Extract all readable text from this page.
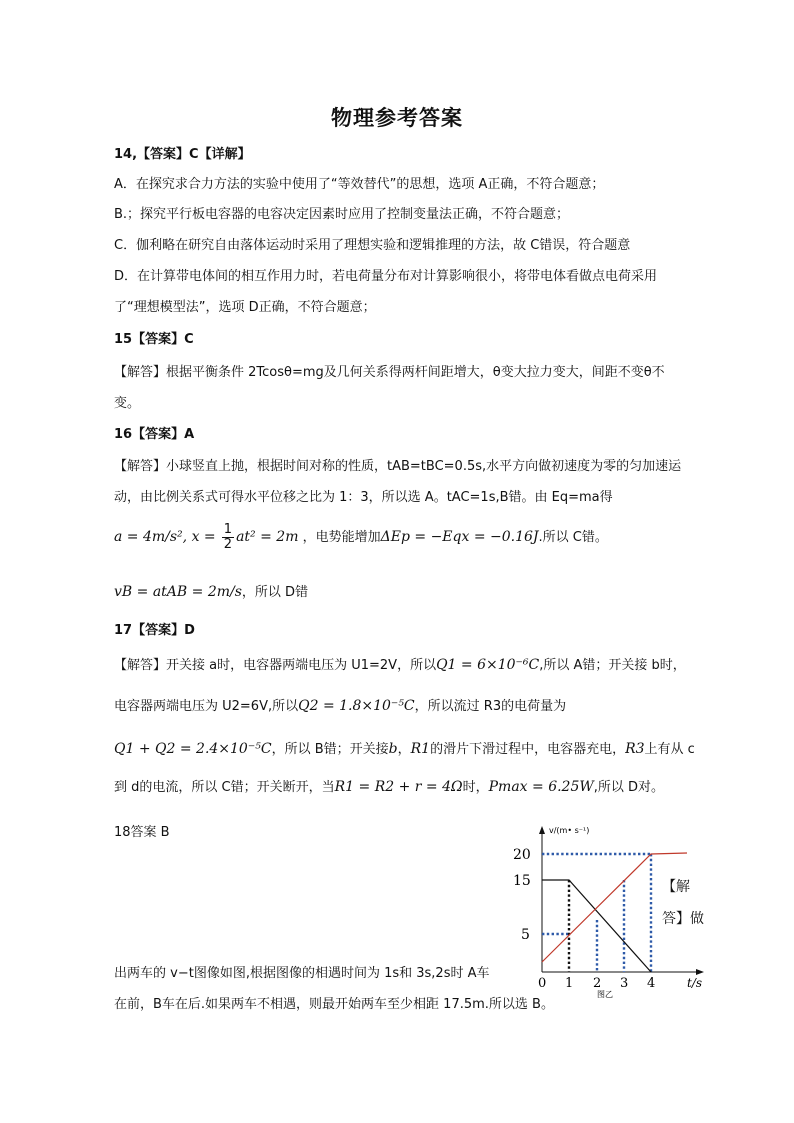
物理参考答案
14,【答案】C【详解】
A．在探究求合力方法的实验中使用了“等效替代”的思想，选项 A正确，不符合题意；
B.；探究平行板电容器的电容决定因素时应用了控制变量法正确，不符合题意；
C．伽利略在研究自由落体运动时采用了理想实验和逻辑推理的方法，故 C错误，符合题意
D．在计算带电体间的相互作用力时，若电荷量分布对计算影响很小，将带电体看做点电荷采用
了“理想模型法”，选项 D正确，不符合题意；
15【答案】C
【解答】根据平衡条件 2Tcosθ=mg及几何关系得两杆间距增大，θ变大拉力变大，间距不变θ不
变。
16【答案】A
【解答】小球竖直上抛，根据时间对称的性质，tAB=tBC=0.5s,水平方向做初速度为零的匀加速运
动，由比例关系式可得水平位移之比为 1：3，所以选 A。tAC=1s,B错。由 Eq=ma得
a = 4m/s², $x = \frac{1}{2} at^2 = 2m$ ，电势能增加ΔEp = −Eqx = −0.16J.所以 C错。
vB = atAB = 2m/s，所以 D错
17【答案】D
【解答】开关接 a时，电容器两端电压为 U1=2V，所以Q1 = 6×10⁻⁶C,所以 A错；开关接 b时，
电容器两端电压为 U2=6V,所以Q2 = 1.8×10⁻⁵C，所以流过 R3的电荷量为
Q1 + Q2 = 2.4×10⁻⁵C，所以 B错；开关接b，R1的滑片下滑过程中，电容器充电，R3上有从 c
到 d的电流，所以 C错；开关断开，当R1 = R2 + r = 4Ω时，Pmax = 6.25W,所以 D对。
18答案 B
【解
答】做
出两车的 v−t图像如图,根据图像的相遇时间为 1s和 3s,2s时 A车
在前，B车在后.如果两车不相遇，则最开始两车至少相距 17.5m.所以选 B。
v/(m• s⁻¹)
20
15
5
0 1 2 3 4	t/s
图乙
